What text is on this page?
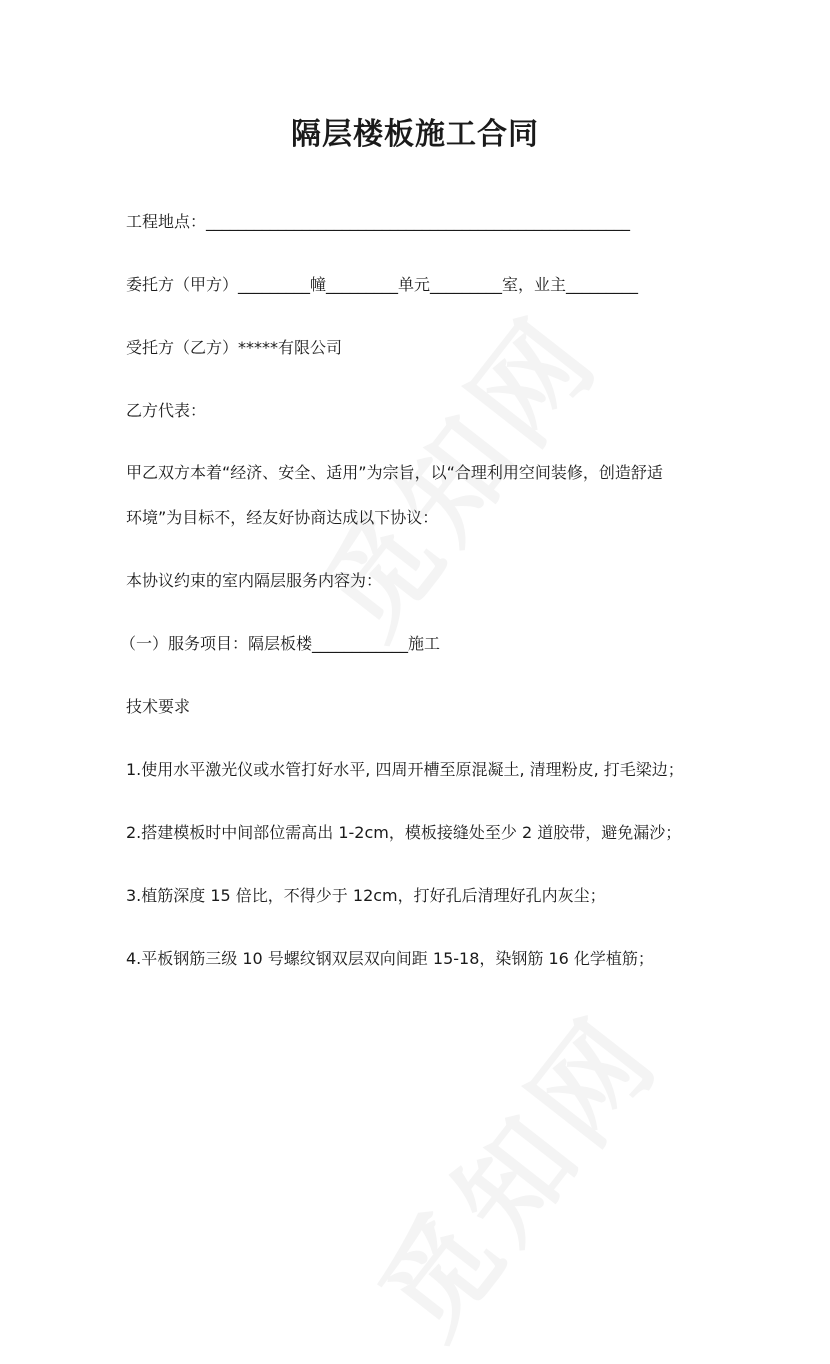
隔层楼板施工合同

工程地点：_____________________________________________________

委托方（甲方）_________幢_________单元_________室，业主_________

受托方（乙方）*****有限公司

乙方代表：

甲乙双方本着“经济、安全、适用”为宗旨，以“合理利用空间装修，创造舒适
环境”为目标不，经友好协商达成以下协议：

本协议约束的室内隔层服务内容为：

（一）服务项目：隔层板楼____________施工

技术要求

1.使用水平激光仪或水管打好水平, 四周开槽至原混凝土, 清理粉皮, 打毛梁边；

2.搭建模板时中间部位需高出 1-2cm，模板接缝处至少 2 道胶带，避免漏沙；

3.植筋深度 15 倍比，不得少于 12cm，打好孔后清理好孔内灰尘；

4.平板钢筋三级 10 号螺纹钢双层双向间距 15-18，染钢筋 16 化学植筋；
